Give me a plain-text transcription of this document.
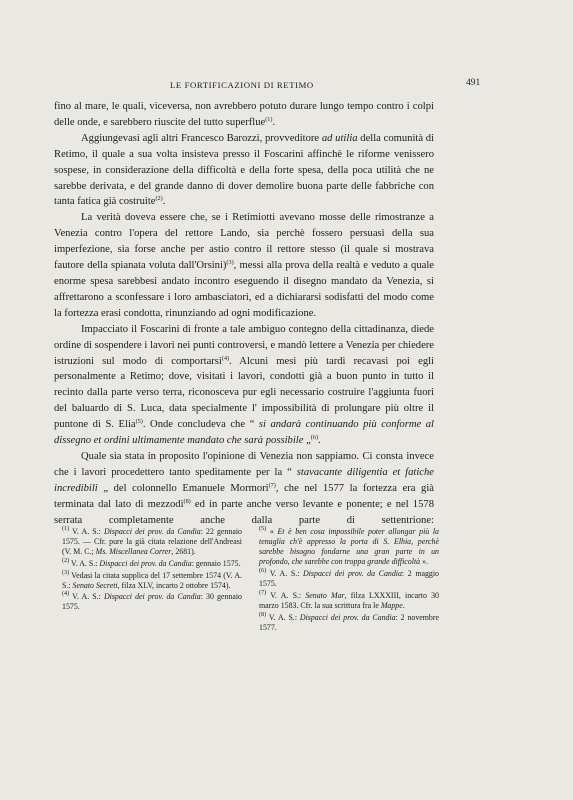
LE FORTIFICAZIONI DI RETIMO	491

fino al mare, le quali, viceversa, non avrebbero potuto durare lungo tempo contro i colpi delle onde, e sarebbero riuscite del tutto superflue$^{(1)}$.

Aggiungevasi agli altri Francesco Barozzi, provveditore ad utilia della comunità di Retimo, il quale a sua volta insisteva presso il Foscarini affinchè le riforme venissero sospese, in considerazione della difficoltà e della forte spesa, della poca utilità che ne sarebbe derivata, e del grande danno di dover demolire buona parte delle fabbriche con tanta fatica già costruite$^{(2)}$.

La verità doveva essere che, se i Retimiotti avevano mosse delle rimostranze a Venezia contro l'opera del rettore Lando, sia perchè fossero persuasi della sua imperfezione, sia forse anche per astio contro il rettore stesso (il quale si mostrava fautore della spianata voluta dall'Orsini)$^{(3)}$, messi alla prova della realtà e veduto a quale enorme spesa sarebbesi andato incontro eseguendo il disegno mandato da Venezia, si affrettarono a sconfessare i loro ambasciatori, ed a dichiararsi sodisfatti del modo come la fortezza erasi condotta, rinunziando ad ogni modificazione.

Impacciato il Foscarini di fronte a tale ambiguo contegno della cittadinanza, diede ordine di sospendere i lavori nei punti controversi, e mandò lettere a Venezia per chiedere istruzioni sul modo di comportarsi$^{(4)}$. Alcuni mesi più tardi recavasi poi egli personalmente a Retimo; dove, visitati i lavori, condotti già a buon punto in tutto il recinto dalla parte verso terra, riconosceva pur egli necessario costruire l'aggiunta fuori del baluardo di S. Luca, data specialmente l' impossibilità di prolungare più oltre il puntone di S. Elia$^{(5)}$. Onde concludeva che “ si andarà continuando più conforme al dissegno et ordini ultimamente mandato che sarà possibile „$^{(6)}$.

Quale sia stata in proposito l'opinione di Venezia non sappiamo. Ci consta invece che i lavori procedettero tanto speditamente per la “ stavacante diligentia et fatiche incredibili „ del colonnello Emanuele Mormori$^{(7)}$, che nel 1577 la fortezza era già terminata dal lato di mezzodì$^{(8)}$ ed in parte anche verso levante e ponente; e nel 1578 serrata completamente anche dalla parte di settentrione:

$^{(1)}$ V. A. S.: Dispacci dei prov. da Candia: 22 gennaio 1575. — Cfr. pure la già citata relazione dell'Andreasi (V. M. C.; Ms. Miscellanea Correr, 2681).
$^{(2)}$ V. A. S.: Dispacci dei prov. da Candia: gennaio 1575.
$^{(3)}$ Vedasi la citata supplica del 17 settembre 1574 (V. A. S.: Senato Secreti, filza XLV, incarto 2 ottobre 1574).
$^{(4)}$ V. A. S.: Dispacci dei prov. da Candia: 30 gennaio 1575.
$^{(5)}$ « Et è ben cosa impossibile poter allongar più la tenaglia ch'è appresso la porta di S. Elhia, perchè sarebbe bisogno fondarne una gran parte in un profondo, che sarebbe con troppa grande difficoltà ».
$^{(6)}$ V. A. S.: Dispacci dei prov. da Candia: 2 maggio 1575.
$^{(7)}$ V. A. S.: Senato Mar, filza LXXXIII, incarto 30 marzo 1583. Cfr. la sua scrittura fra le Mappe.
$^{(8)}$ V. A. S.: Dispacci dei prov. da Candia: 2 novembre 1577.
